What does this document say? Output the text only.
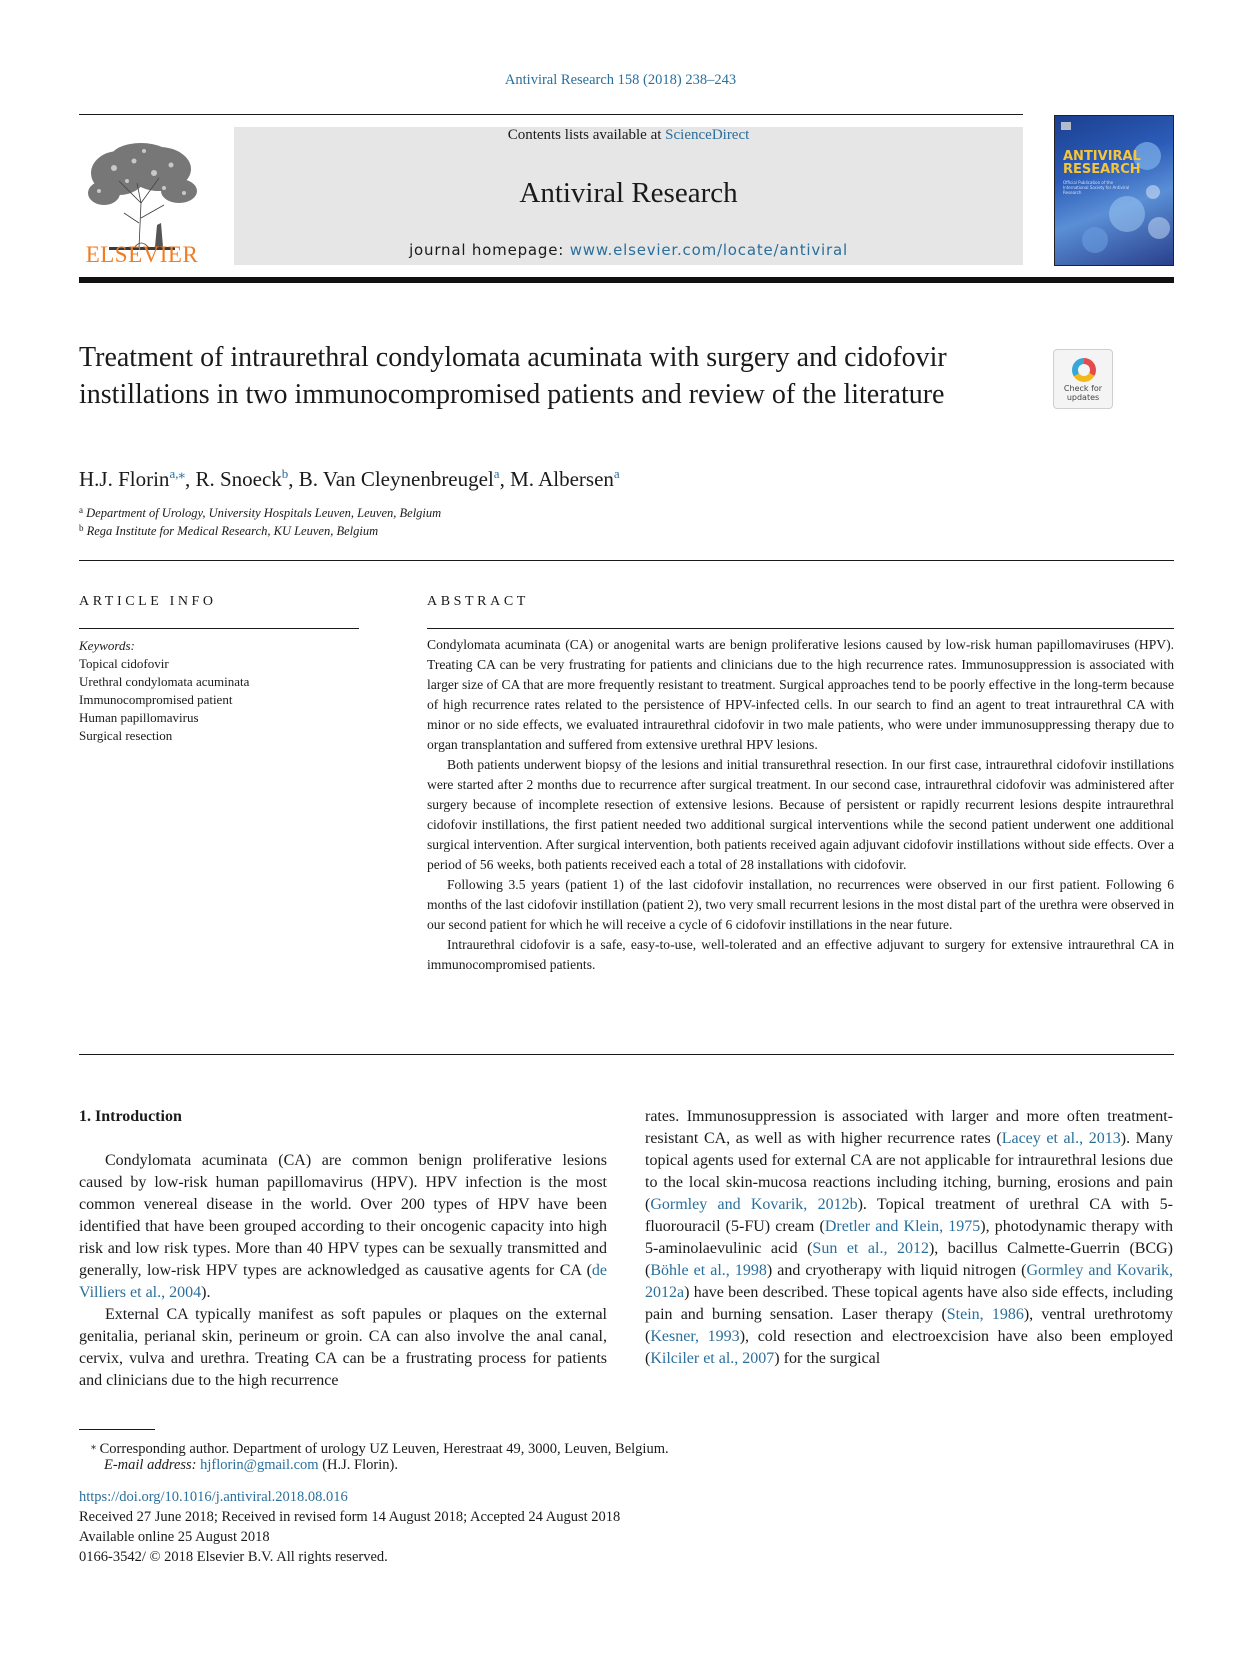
Antiviral Research 158 (2018) 238–243
ELSEVIER
Contents lists available at ScienceDirect
Antiviral Research
journal homepage: www.elsevier.com/locate/antiviral
ANTIVIRAL
RESEARCH
Official Publication of the International Society for Antiviral Research
Treatment of intraurethral condylomata acuminata with surgery and cidofovir instillations in two immunocompromised patients and review of the literature	Check for
updates
H.J. Florin$^{a,⁎}$, R. Snoeck$^b$, B. Van Cleynenbreugel$^a$, M. Albersen$^a$
$^a$ Department of Urology, University Hospitals Leuven, Leuven, Belgium
$^b$ Rega Institute for Medical Research, KU Leuven, Belgium
ARTICLE INFO	ABSTRACT
Keywords:
Topical cidofovir
Urethral condylomata acuminata
Immunocompromised patient
Human papillomavirus
Surgical resection

Condylomata acuminata (CA) or anogenital warts are benign proliferative lesions caused by low-risk human papillomaviruses (HPV). Treating CA can be very frustrating for patients and clinicians due to the high recurrence rates. Immunosuppression is associated with larger size of CA that are more frequently resistant to treatment. Surgical approaches tend to be poorly effective in the long-term because of high recurrence rates related to the persistence of HPV-infected cells. In our search to find an agent to treat intraurethral CA with minor or no side effects, we evaluated intraurethral cidofovir in two male patients, who were under immunosuppressing therapy due to organ transplantation and suffered from extensive urethral HPV lesions.

Both patients underwent biopsy of the lesions and initial transurethral resection. In our first case, intraurethral cidofovir instillations were started after 2 months due to recurrence after surgical treatment. In our second case, intraurethral cidofovir was administered after surgery because of incomplete resection of extensive lesions. Because of persistent or rapidly recurrent lesions despite intraurethral cidofovir instillations, the first patient needed two additional surgical interventions while the second patient underwent one additional surgical intervention. After surgical intervention, both patients received again adjuvant cidofovir instillations without side effects. Over a period of 56 weeks, both patients received each a total of 28 installations with cidofovir.

Following 3.5 years (patient 1) of the last cidofovir installation, no recurrences were observed in our first patient. Following 6 months of the last cidofovir instillation (patient 2), two very small recurrent lesions in the most distal part of the urethra were observed in our second patient for which he will receive a cycle of 6 cidofovir instillations in the near future.

Intraurethral cidofovir is a safe, easy-to-use, well-tolerated and an effective adjuvant to surgery for extensive intraurethral CA in immunocompromised patients.

1. Introduction

Condylomata acuminata (CA) are common benign proliferative lesions caused by low-risk human papillomavirus (HPV). HPV infection is the most common venereal disease in the world. Over 200 types of HPV have been identified that have been grouped according to their oncogenic capacity into high risk and low risk types. More than 40 HPV types can be sexually transmitted and generally, low-risk HPV types are acknowledged as causative agents for CA (de Villiers et al., 2004).

External CA typically manifest as soft papules or plaques on the external genitalia, perianal skin, perineum or groin. CA can also involve the anal canal, cervix, vulva and urethra. Treating CA can be a frustrating process for patients and clinicians due to the high recurrence

rates. Immunosuppression is associated with larger and more often treatment-resistant CA, as well as with higher recurrence rates (Lacey et al., 2013). Many topical agents used for external CA are not applicable for intraurethral lesions due to the local skin-mucosa reactions including itching, burning, erosions and pain (Gormley and Kovarik, 2012b). Topical treatment of urethral CA with 5-fluorouracil (5-FU) cream (Dretler and Klein, 1975), photodynamic therapy with 5-aminolaevulinic acid (Sun et al., 2012), bacillus Calmette-Guerrin (BCG) (Böhle et al., 1998) and cryotherapy with liquid nitrogen (Gormley and Kovarik, 2012a) have been described. These topical agents have also side effects, including pain and burning sensation. Laser therapy (Stein, 1986), ventral urethrotomy (Kesner, 1993), cold resection and electroexcision have also been employed (Kilciler et al., 2007) for the surgical

⁎ Corresponding author. Department of urology UZ Leuven, Herestraat 49, 3000, Leuven, Belgium.
E-mail address: hjflorin@gmail.com (H.J. Florin).
https://doi.org/10.1016/j.antiviral.2018.08.016
Received 27 June 2018; Received in revised form 14 August 2018; Accepted 24 August 2018
Available online 25 August 2018
0166-3542/ © 2018 Elsevier B.V. All rights reserved.
